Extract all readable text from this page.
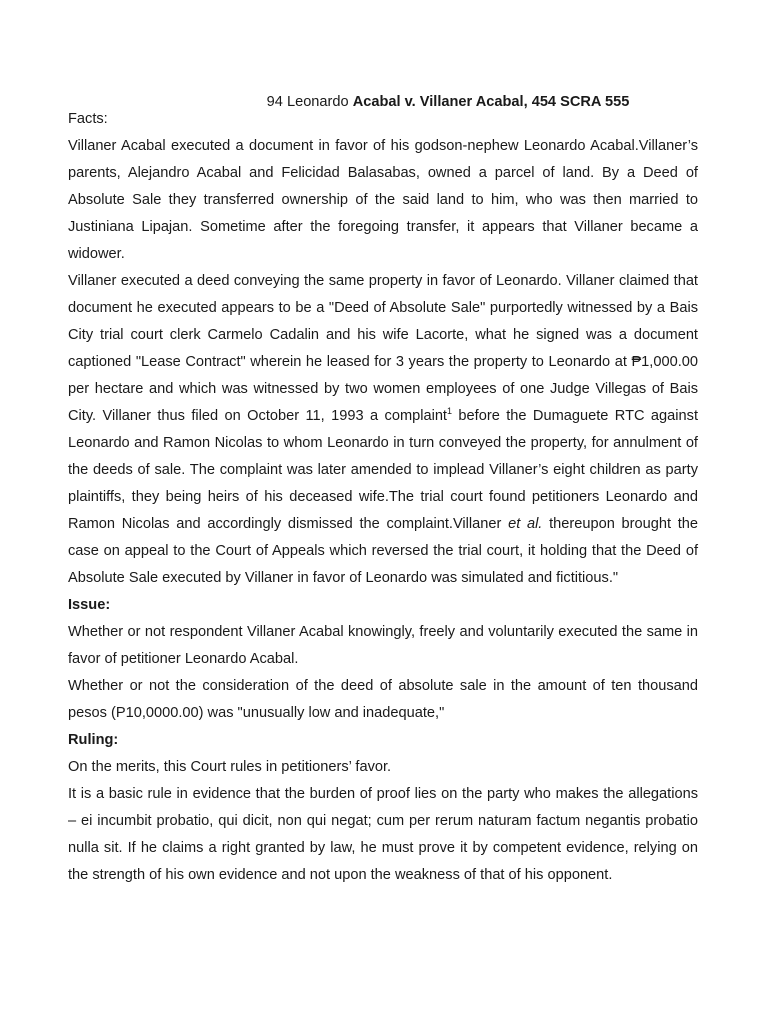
94 Leonardo Acabal v. Villaner Acabal, 454 SCRA 555
Facts:

Villaner Acabal executed a document in favor of his godson-nephew Leonardo Acabal.Villaner’s parents, Alejandro Acabal and Felicidad Balasabas, owned a parcel of land. By a Deed of Absolute Sale they transferred ownership of the said land to him, who was then married to Justiniana Lipajan. Sometime after the foregoing transfer, it appears that Villaner became a widower.

Villaner executed a deed conveying the same property in favor of Leonardo. Villaner claimed that document he executed appears to be a "Deed of Absolute Sale" purportedly witnessed by a Bais City trial court clerk Carmelo Cadalin and his wife Lacorte, what he signed was a document captioned "Lease Contract" wherein he leased for 3 years the property to Leonardo at ₱1,000.00 per hectare and which was witnessed by two women employees of one Judge Villegas of Bais City. Villaner thus filed on October 11, 1993 a complaint$^1$ before the Dumaguete RTC against Leonardo and Ramon Nicolas to whom Leonardo in turn conveyed the property, for annulment of the deeds of sale. The complaint was later amended to implead Villaner’s eight children as party plaintiffs, they being heirs of his deceased wife.The trial court found petitioners Leonardo and Ramon Nicolas and accordingly dismissed the complaint.Villaner et al. thereupon brought the case on appeal to the Court of Appeals which reversed the trial court, it holding that the Deed of Absolute Sale executed by Villaner in favor of Leonardo was simulated and fictitious."

Issue:

Whether or not respondent Villaner Acabal knowingly, freely and voluntarily executed the same in favor of petitioner Leonardo Acabal.

Whether or not the consideration of the deed of absolute sale in the amount of ten thousand pesos (P10,0000.00) was "unusually low and inadequate,"

Ruling:

On the merits, this Court rules in petitioners’ favor.

It is a basic rule in evidence that the burden of proof lies on the party who makes the allegations – ei incumbit probatio, qui dicit, non qui negat; cum per rerum naturam factum negantis probatio nulla sit. If he claims a right granted by law, he must prove it by competent evidence, relying on the strength of his own evidence and not upon the weakness of that of his opponent.
